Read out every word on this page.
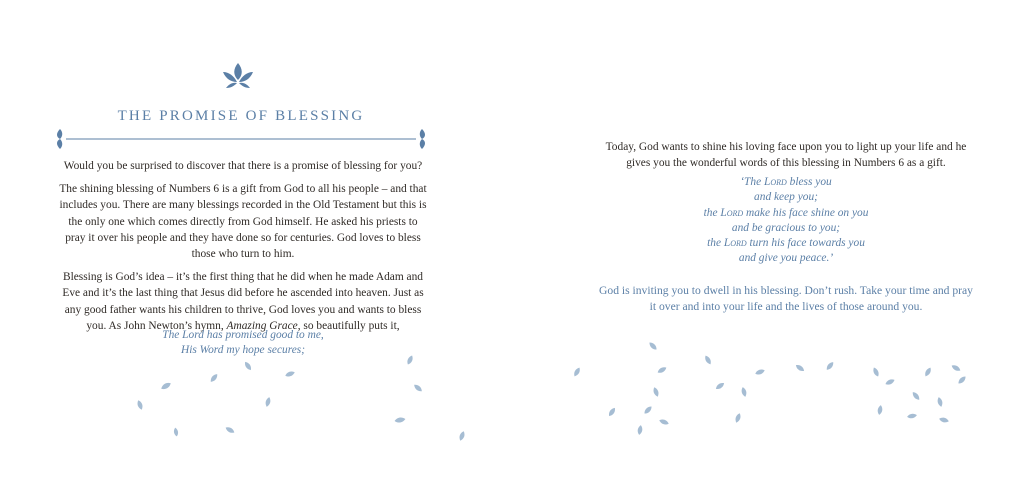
THE PROMISE OF BLESSING

Would you be surprised to discover that there is a promise of blessing for you?

The shining blessing of Numbers 6 is a gift from God to all his people – and that includes you. There are many blessings recorded in the Old Testament but this is the only one which comes directly from God himself. He asked his priests to pray it over his people and they have done so for centuries. God loves to bless those who turn to him.

Blessing is God’s idea – it’s the first thing that he did when he made Adam and Eve and it’s the last thing that Jesus did before he ascended into heaven. Just as any good father wants his children to thrive, God loves you and wants to bless you. As John Newton’s hymn, Amazing Grace, so beautifully puts it,

The Lord has promised good to me,
His Word my hope secures;
Today, God wants to shine his loving face upon you to light up your life and he gives you the wonderful words of this blessing in Numbers 6 as a gift.
‘The Lord bless you
and keep you;
the Lord make his face shine on you
and be gracious to you;
the Lord turn his face towards you
and give you peace.’
God is inviting you to dwell in his blessing. Don’t rush. Take your time and pray it over and into your life and the lives of those around you.
